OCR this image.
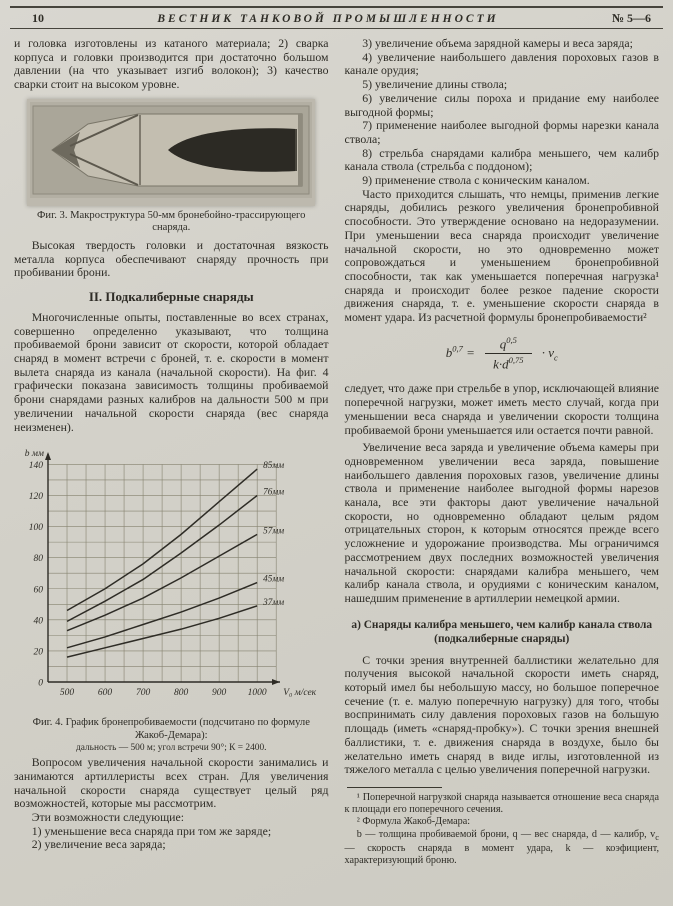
10	ВЕСТНИК ТАНКОВОЙ ПРОМЫШЛЕННОСТИ	№ 5—6

и головка изготовлены из катаного материала; 2) сварка корпуса и головки производится при достаточно большом давлении (на что указывает изгиб волокон); 3) качество сварки стоит на высоком уровне.

Фиг. 3. Макроструктура 50-мм бронебойно-трассирующего снаряда.

Высокая твердость головки и достаточная вязкость металла корпуса обеспечивают снаряду прочность при пробивании брони.

II. Подкалиберные снаряды

Многочисленные опыты, поставленные во всех странах, совершенно определенно указывают, что толщина пробиваемой брони зависит от скорости, которой обладает снаряд в момент встречи с броней, т. е. скорости в момент вылета снаряда из канала (начальной скорости). На фиг. 4 графически показана зависимость толщины пробиваемой брони снарядами разных калибров на дальности 500 м при увеличении начальной скорости снаряда (вес снаряда неизменен).

0
20
40
60
80
100
120
140
500	600	700	800	900 1000
b мм
V₀ м/сек
85мм
76мм
57мм
45мм
37мм
Фиг. 4. График бронепробиваемости (подсчитано по формуле Жакоб-Демара):
дальность — 500 м; угол встречи 90°; К = 2400.

Вопросом увеличения начальной скорости занимались и занимаются артиллеристы всех стран. Для увеличения начальной скорости снаряда существует целый ряд возможностей, которые мы рассмотрим.

Эти возможности следующие:

1) уменьшение веса снаряда при том же заряде;

2) увеличение веса заряда;

3) увеличение объема зарядной камеры и веса заряда;

4) увеличение наибольшего давления пороховых газов в канале орудия;

5) увеличение длины ствола;

6) увеличение силы пороха и придание ему наиболее выгодной формы;

7) применение наиболее выгодной формы нарезки канала ствола;

8) стрельба снарядами калибра меньшего, чем калибр канала ствола (стрельба с поддоном);

9) применение ствола с коническим каналом.

Часто приходится слышать, что немцы, применив легкие снаряды, добились резкого увеличения бронепробивной способности. Это утверждение основано на недоразумении. При уменьшении веса снаряда происходит увеличение начальной скорости, но это одновременно может сопровождаться и уменьшением бронепробивной способности, так как уменьшается поперечная нагрузка¹ снаряда и происходит более резкое падение скорости движения снаряда, т. е. уменьшение скорости снаряда в момент удара. Из расчетной формулы бронепробиваемости²

$b^{0,7} = \frac{q^{0,5}}{k\cdot d^{0,75}} \cdot v_c$

следует, что даже при стрельбе в упор, исключающей влияние поперечной нагрузки, может иметь место случай, когда при уменьшении веса снаряда и увеличении скорости толщина пробиваемой брони уменьшается или остается почти равной.

Увеличение веса заряда и увеличение объема камеры при одновременном увеличении веса заряда, повышение наибольшего давления пороховых газов, увеличение длины ствола и применение наиболее выгодной формы нарезов канала, все эти факторы дают увеличение начальной скорости, но одновременно обладают целым рядом отрицательных сторон, к которым относятся прежде всего усложнение и удорожание производства. Мы ограничимся рассмотрением двух последних возможностей увеличения начальной скорости: снарядами калибра меньшего, чем калибр канала ствола, и орудиями с коническим каналом, нашедшим применение в артиллерии немецкой армии.

а) Снаряды калибра меньшего, чем калибр канала ствола (подкалиберные снаряды)

С точки зрения внутренней баллистики желательно для получения высокой начальной скорости иметь снаряд, который имел бы небольшую массу, но большое поперечное сечение (т. е. малую поперечную нагрузку) для того, чтобы воспринимать силу давления пороховых газов на большую площадь (иметь «снаряд-пробку»). С точки зрения внешней баллистики, т. е. движения снаряда в воздухе, было бы желательно иметь снаряд в виде иглы, изготовленной из тяжелого металла с целью увеличения поперечной нагрузки.

¹ Поперечной нагрузкой снаряда называется отношение веса снаряда к площади его поперечного сечения.

² Формула Жакоб-Демара:

b — толщина пробиваемой брони, q — вес снаряда, d — калибр, $v_c$ — скорость снаряда в момент удара, k — коэфициент, характеризующий броню.
